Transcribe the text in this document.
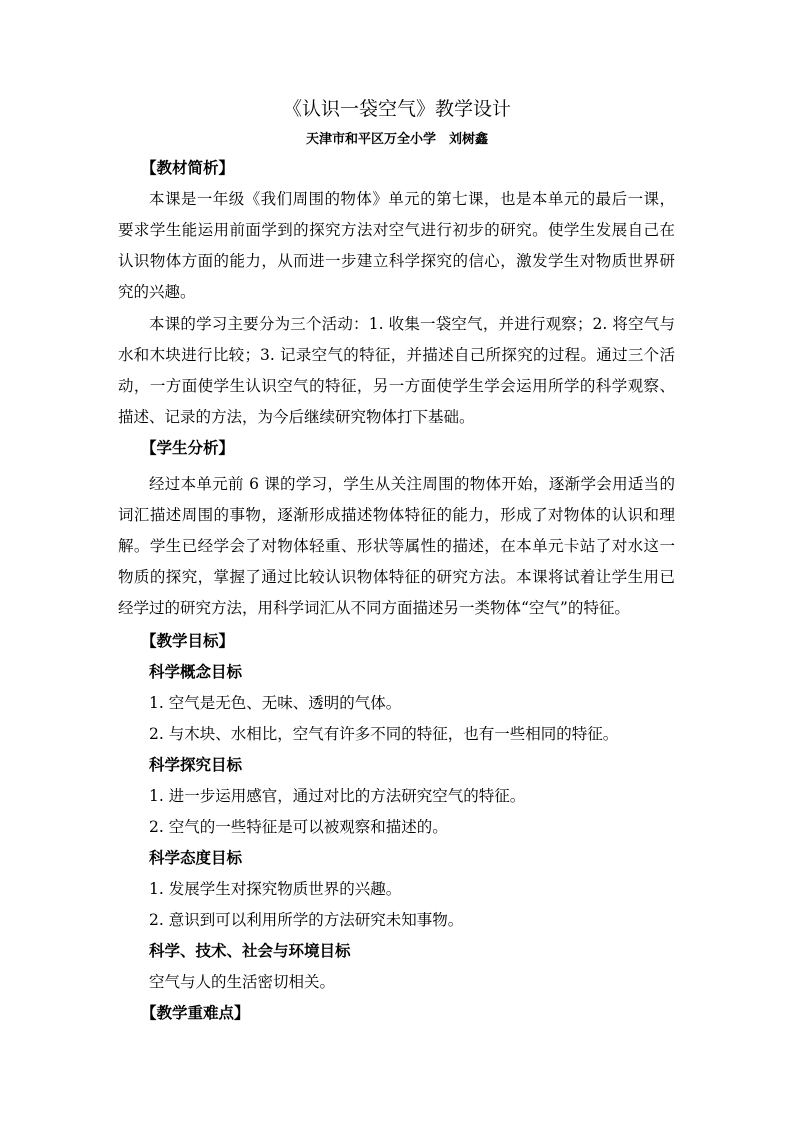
《认识一袋空气》教学设计
天津市和平区万全小学　刘树鑫
【教材简析】

本课是一年级《我们周围的物体》单元的第七课，也是本单元的最后一课，要求学生能运用前面学到的探究方法对空气进行初步的研究。使学生发展自己在认识物体方面的能力，从而进一步建立科学探究的信心，激发学生对物质世界研究的兴趣。

本课的学习主要分为三个活动：1. 收集一袋空气，并进行观察；2. 将空气与水和木块进行比较；3. 记录空气的特征，并描述自己所探究的过程。通过三个活动，一方面使学生认识空气的特征，另一方面使学生学会运用所学的科学观察、描述、记录的方法，为今后继续研究物体打下基础。

【学生分析】

经过本单元前 6 课的学习，学生从关注周围的物体开始，逐渐学会用适当的词汇描述周围的事物，逐渐形成描述物体特征的能力，形成了对物体的认识和理解。学生已经学会了对物体轻重、形状等属性的描述，在本单元卡站了对水这一物质的探究，掌握了通过比较认识物体特征的研究方法。本课将试着让学生用已经学过的研究方法，用科学词汇从不同方面描述另一类物体“空气”的特征。

【教学目标】
科学概念目标
1. 空气是无色、无味、透明的气体。
2. 与木块、水相比，空气有许多不同的特征，也有一些相同的特征。
科学探究目标
1. 进一步运用感官，通过对比的方法研究空气的特征。
2. 空气的一些特征是可以被观察和描述的。
科学态度目标
1. 发展学生对探究物质世界的兴趣。
2. 意识到可以利用所学的方法研究未知事物。
科学、技术、社会与环境目标
空气与人的生活密切相关。
【教学重难点】
